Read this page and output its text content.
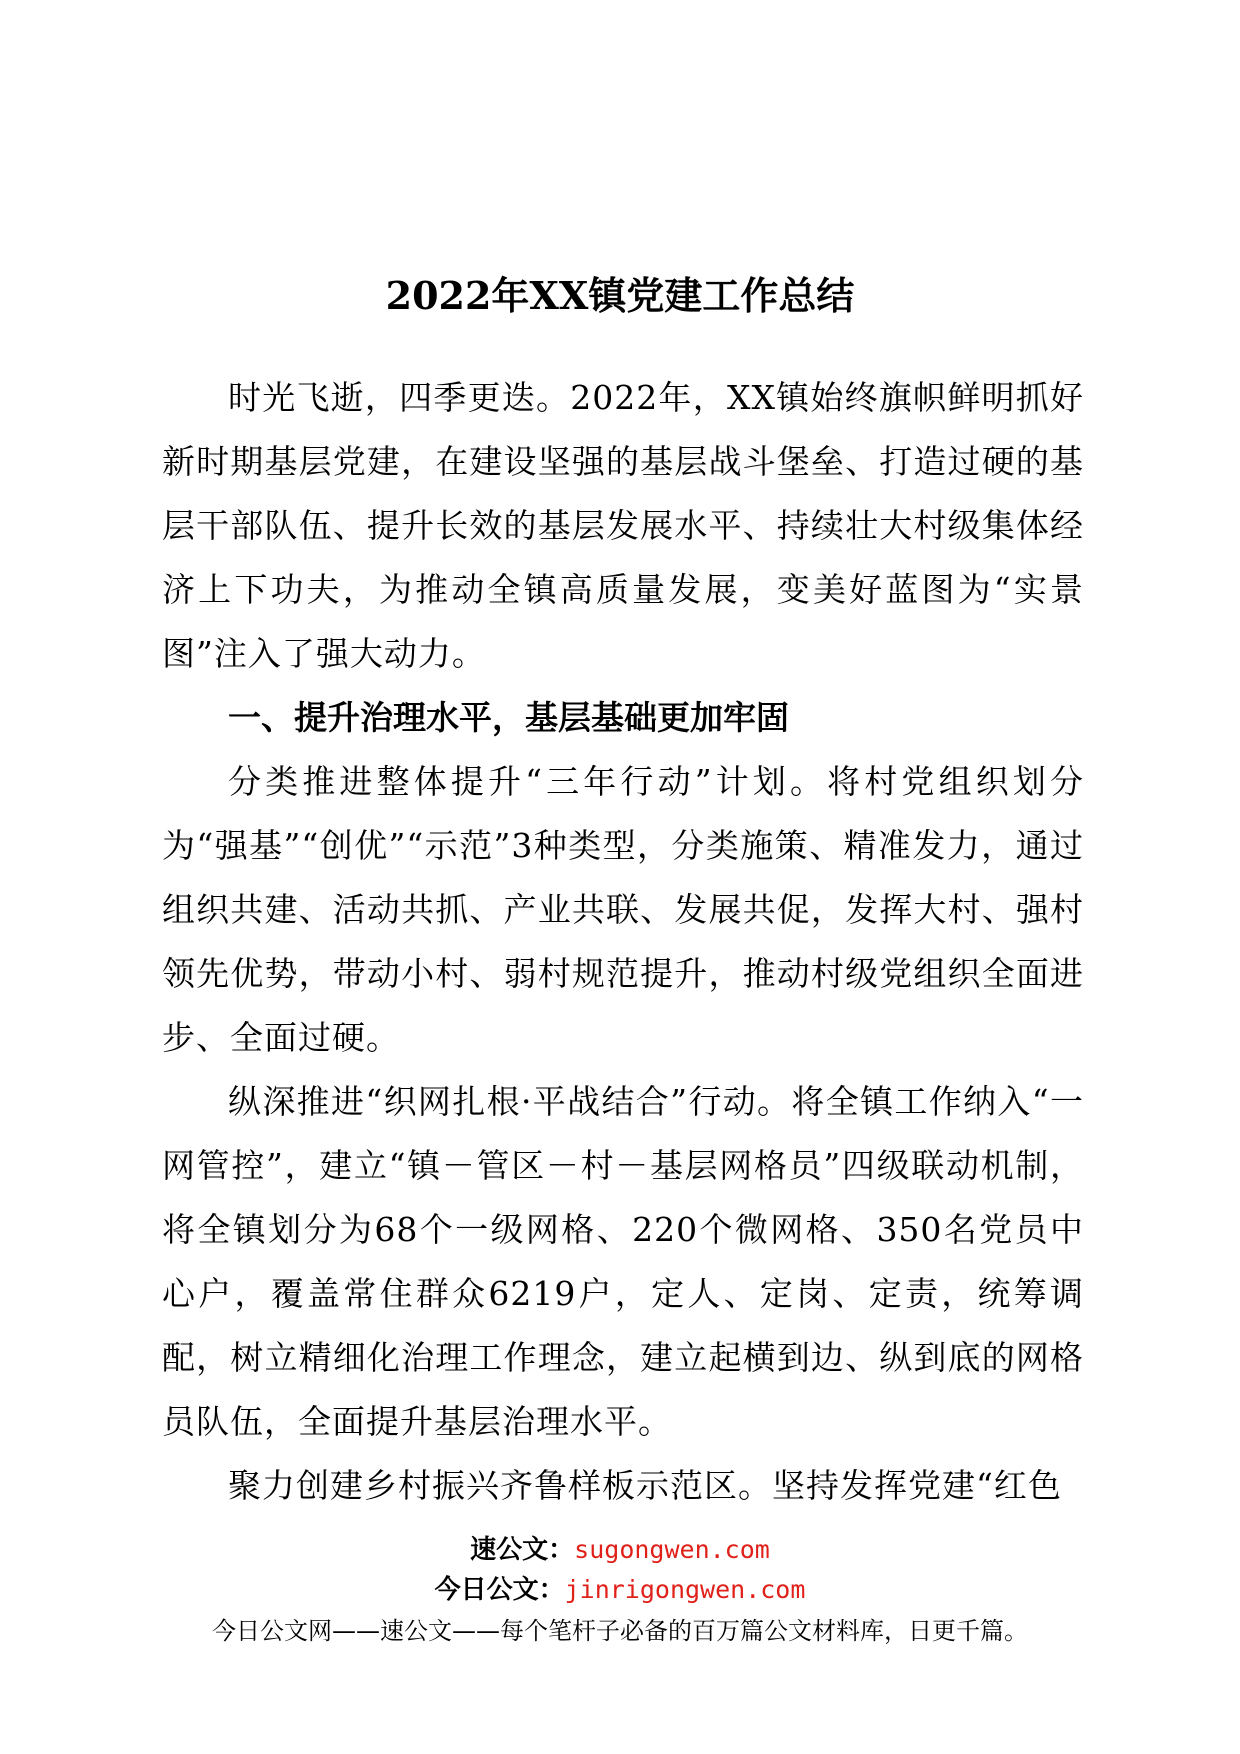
2022年XX镇党建工作总结

时光飞逝，四季更迭。2022年，XX镇始终旗帜鲜明抓好新时期基层党建，在建设坚强的基层战斗堡垒、打造过硬的基层干部队伍、提升长效的基层发展水平、持续壮大村级集体经济上下功夫，为推动全镇高质量发展，变美好蓝图为“实景图”注入了强大动力。

一、提升治理水平，基层基础更加牢固

分类推进整体提升“三年行动”计划。将村党组织划分为“强基”“创优”“示范”3种类型，分类施策、精准发力，通过组织共建、活动共抓、产业共联、发展共促，发挥大村、强村领先优势，带动小村、弱村规范提升，推动村级党组织全面进步、全面过硬。

纵深推进“织网扎根·平战结合”行动。将全镇工作纳入“一网管控”，建立“镇－管区－村－基层网格员”四级联动机制，将全镇划分为68个一级网格、220个微网格、350名党员中心户，覆盖常住群众6219户，定人、定岗、定责，统筹调配，树立精细化治理工作理念，建立起横到边、纵到底的网格员队伍，全面提升基层治理水平。

聚力创建乡村振兴齐鲁样板示范区。坚持发挥党建“红色

速公文：sugongwen.com

今日公文：jinrigongwen.com

今日公文网——速公文——每个笔杆子必备的百万篇公文材料库，日更千篇。
